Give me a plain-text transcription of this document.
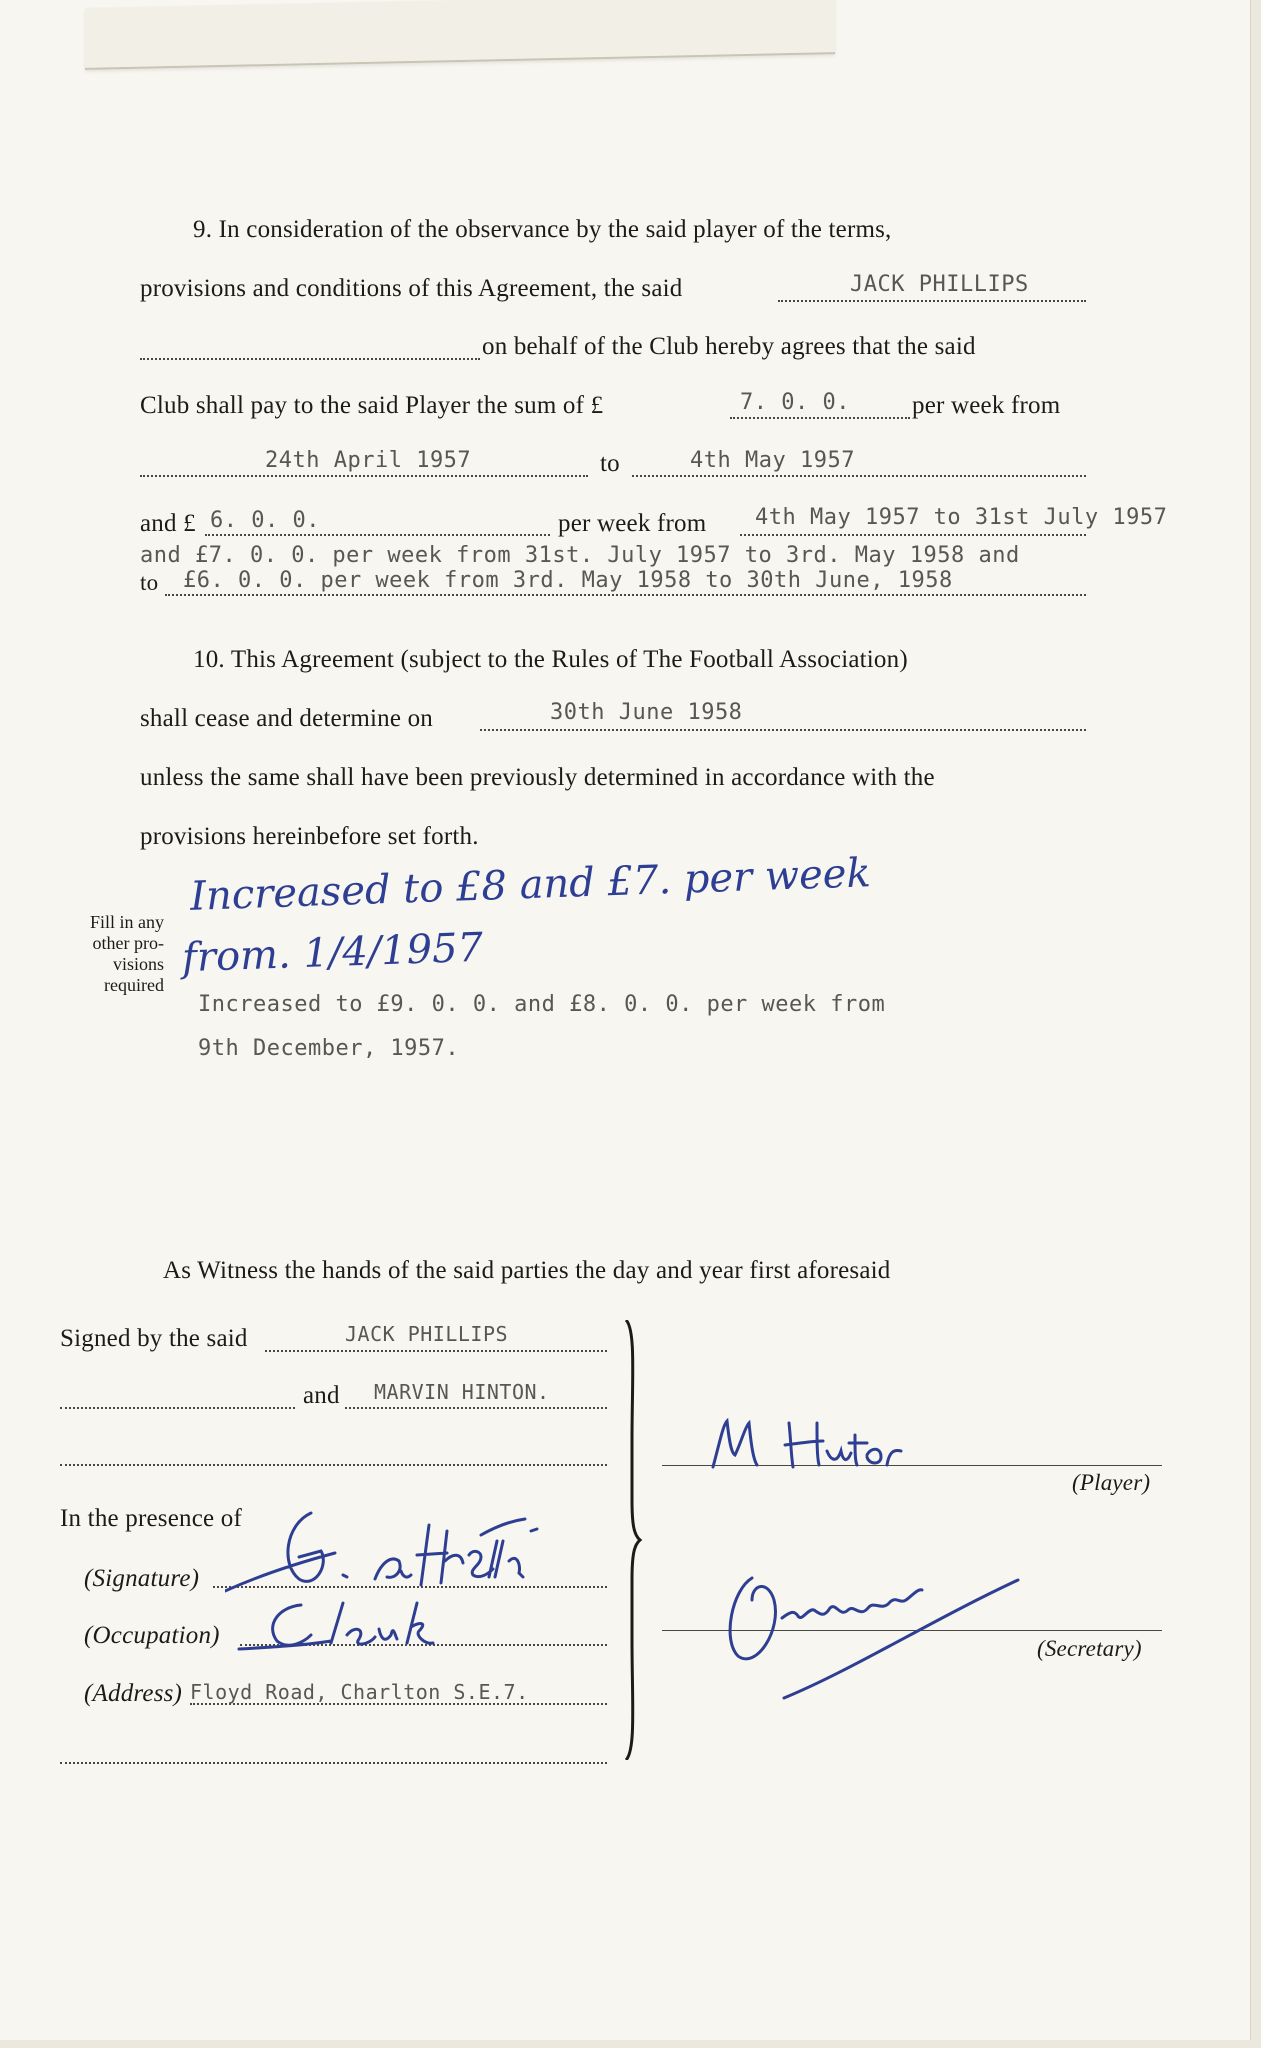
9. In consideration of the observance by the said player of the terms,
provisions and conditions of this Agreement, the said	JACK PHILLIPS
on behalf of the Club hereby agrees that the said
Club shall pay to the said Player the sum of £	7. 0. 0. per week from
24th April 1957	to	4th May 1957
and £ 6. 0. 0.	per week from 4th May 1957 to 31st July 1957
and £7. 0. 0. per week from 31st. July 1957 to 3rd. May 1958 and
to £6. 0. 0. per week from 3rd. May 1958 to 30th June, 1958
10. This Agreement (subject to the Rules of The Football Association)
shall cease and determine on	30th June 1958
unless the same shall have been previously determined in accordance with the
provisions hereinbefore set forth.
Fill in any
other pro-
visions
required
Increased to £8 and £7. per week
from. 1/4/1957
Increased to £9. 0. 0. and £8. 0. 0. per week from
9th December, 1957.
As Witness the hands of the said parties the day and year first aforesaid
Signed by the said	JACK PHILLIPS
and MARVIN HINTON.
In the presence of
(Signature)
(Occupation)
(Address) Floyd Road, Charlton S.E.7.
(Player)
(Secretary)
